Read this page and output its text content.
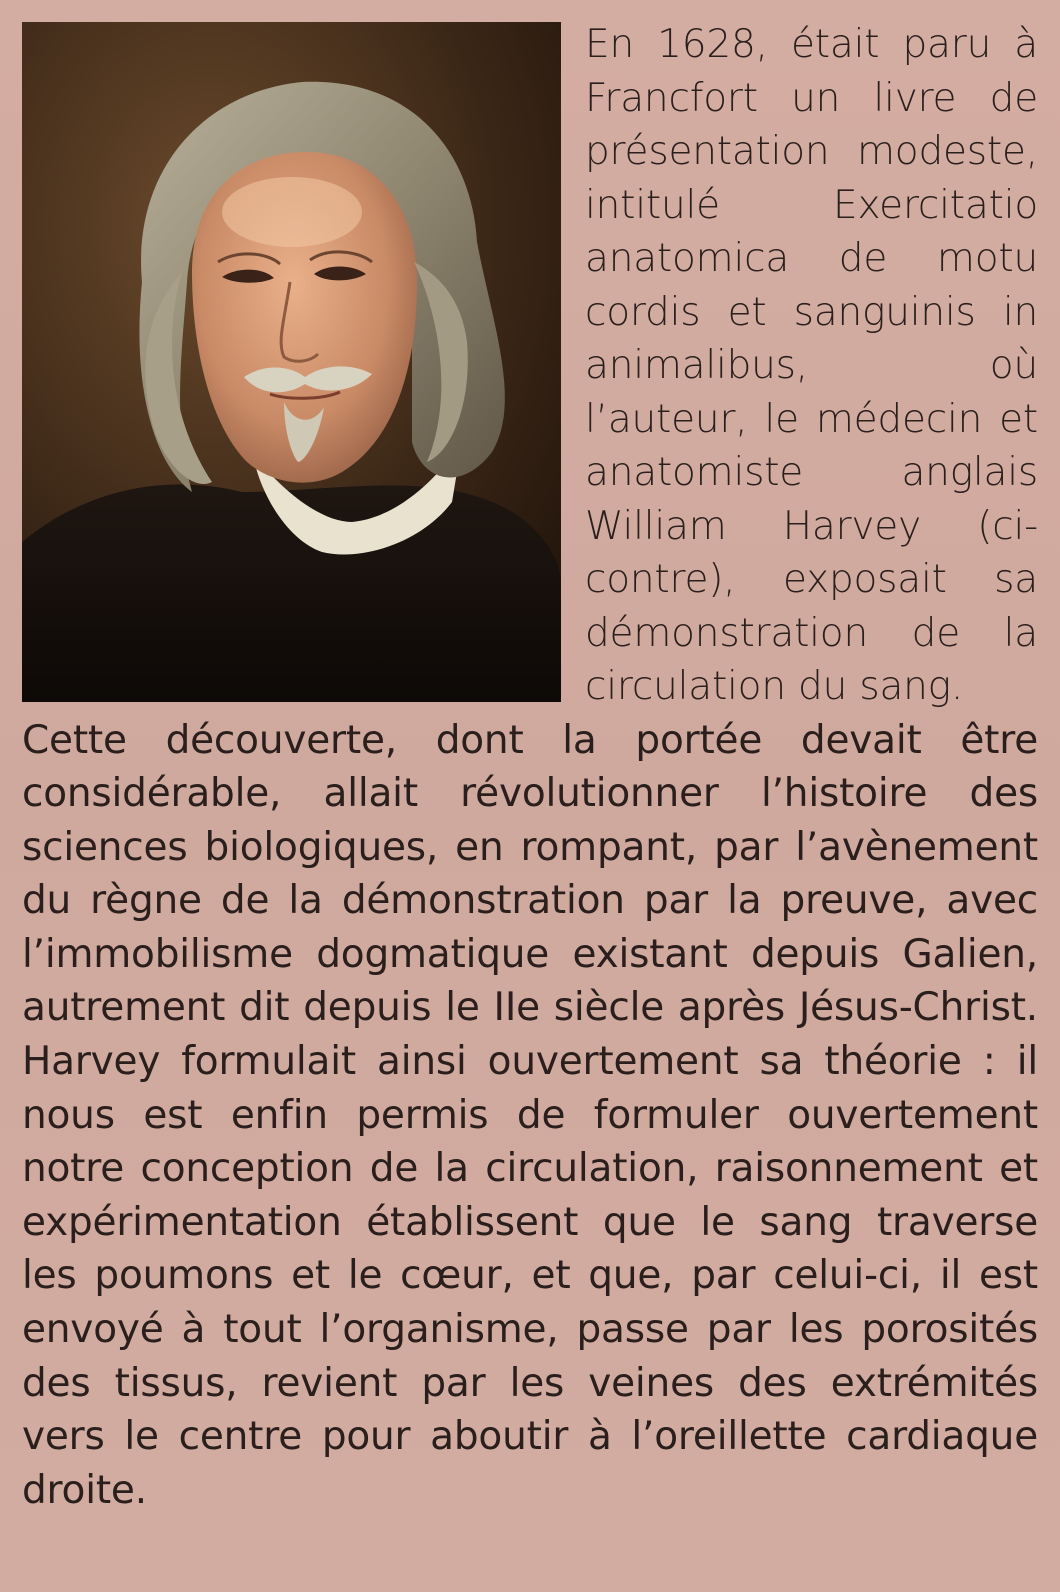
En 1628, était paru à Francfort un livre de présentation modeste, intitulé Exercitatio anatomica de motu cordis et sanguinis in animalibus, où l’auteur, le médecin et anatomiste anglais William Harvey (ci-contre), exposait sa démonstration de la circulation du sang.

Cette découverte, dont la portée devait être considérable, allait révolutionner l’histoire des sciences biologiques, en rompant, par l’avènement du règne de la démonstration par la preuve, avec l’immobilisme dogmatique existant depuis Galien, autrement dit depuis le IIe siècle après Jésus-Christ. Harvey formulait ainsi ouvertement sa théorie : il nous est enfin permis de formuler ouvertement notre conception de la circulation, raisonnement et expérimentation établissent que le sang traverse les poumons et le cœur, et que, par celui-ci, il est envoyé à tout l’organisme, passe par les porosités des tissus, revient par les veines des extrémités vers le centre pour aboutir à l’oreillette cardiaque droite.
